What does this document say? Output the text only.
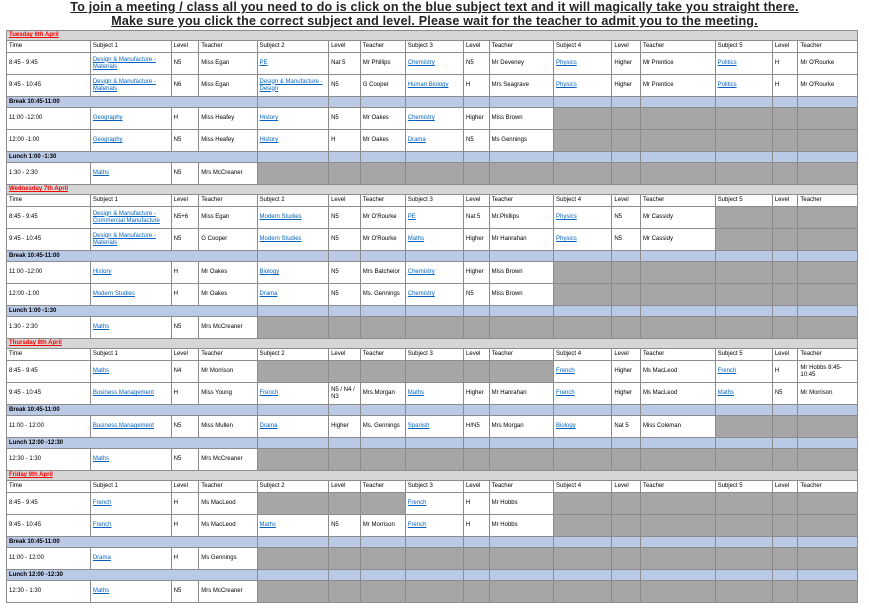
To join a meeting / class all you need to do is click on the blue subject text and it will magically take you straight there.
Make sure you click the correct subject and level. Please wait for the teacher to admit you to the meeting.
Tuesday 6th April															
Time	Subject 1	Level	Teacher	Subject 2	Level	Teacher	Subject 3	Level	Teacher	Subject 4	Level	Teacher	Subject 5	Level	Teacher
8:45 - 9:45	Design & Manufacture - Materials	N5	Miss Egan	PE	Nat 5	Mr Phillips	Chemistry	N5	Mr Deveney	Physics	Higher	Mr Prentice	Politics	H	Mr O'Rourke
9:45 - 10:45	Design & Manufacture - Materials	N6	Miss Egan	Design & Manufacture - Design	N5	G Cooper	Human Biology	H	Mrs Seagrave	Physics	Higher	Mr Prentice	Politics	H	Mr O'Rourke
Break 10:45-11:00															
11:00 -12:00	Geography	H	Miss Heafey	History	N5	Mr Oakes	Chemistry	Higher	Miss Brown						
12:00 -1:00	Geography	N5	Miss Heafey	History	H	Mr Oakes	Drama	N5	Ms Gennings						
Lunch 1:00 -1:30															
1:30 - 2:30	Maths	N5	Mrs McCreaner												
Wednesday 7th April															
Time	Subject 1	Level	Teacher	Subject 2	Level	Teacher	Subject 3	Level	Teacher	Subject 4	Level	Teacher	Subject 5	Level	Teacher
8:45 - 9:45	Design & Manufacture - Commercial Manufacture	N5+6	Miss Egan	Modern Studies	N5	Mr O'Rourke	PE	Nat 5	Mr.Phillips	Physics	N5	Mr Cassidy			
9:45 - 10:45	Design & Manufacture - Materials	N5	G Cooper	Modern Studies	N5	Mr O'Rourke	Maths	Higher	Mr Hanrahan	Physics	N5	Mr Cassidy			
Break 10:45-11:00															
11:00 -12:00	History	H	Mr Oakes	Biology	N5	Mrs Batchelor	Chemistry	Higher	Miss Brown						
12:00 -1:00	Modern Studies	H	Mr Oakes	Drama	N5	Ms. Gennings	Chemistry	N5	Miss Brown						
Lunch 1:00 -1:30															
1:30 - 2:30	Maths	N5	Mrs McCreaner												
Thursday 8th April															
Time	Subject 1	Level	Teacher	Subject 2	Level	Teacher	Subject 3	Level	Teacher	Subject 4	Level	Teacher	Subject 5	Level	Teacher
8:45 - 9:45	Maths	N4	Mr Morrison							French	Higher	Ms MacLeod	French	H	Mr Hobbs 8:45-10:45
9:45 - 10:45	Business Management	H	Miss Young	French	N5 / N4 / N3	Mrs.Morgan	Maths	Higher	Mr Hanrahan	French	Higher	Ms MacLeod	Maths	N5	Mr Morrison
Break 10:45-11:00															
11:00 - 12:00	Business Management	N5	Miss Mullen	Drama	Higher	Ms. Gennings	Spanish	H/N5	Mrs Morgan	Biology	Nat 5	Miss Coleman			
Lunch 12:00 -12:30															
12:30 - 1:30	Maths	N5	Mrs McCreaner												
Friday 9th April															
Time	Subject 1	Level	Teacher	Subject 2	Level	Teacher	Subject 3	Level	Teacher	Subject 4	Level	Teacher	Subject 5	Level	Teacher
8:45 - 9:45	French	H	Ms MacLeod				French	H	Mr Hobbs						
9:45 - 10:45	French	H	Ms MacLeod	Maths	N5	Mr Morrison	French	H	Mr Hobbs						
Break 10:45-11:00															
11:00 - 12:00	Drama	H	Ms Gennings												
Lunch 12:00 -12:30															
12:30 - 1:30	Maths	N5	Mrs McCreaner												
